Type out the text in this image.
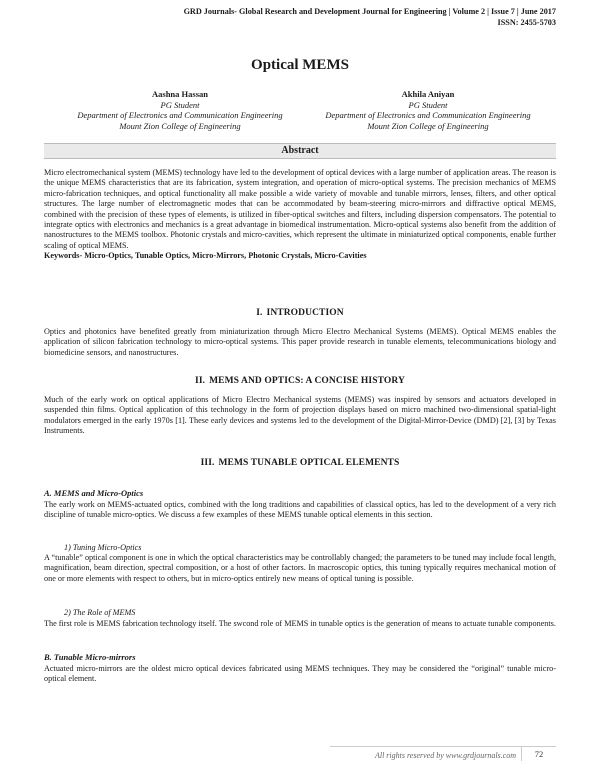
GRD Journals- Global Research and Development Journal for Engineering | Volume 2 | Issue 7 | June 2017
ISSN: 2455-5703
Optical MEMS
Aashna Hassan
PG Student
Department of Electronics and Communication Engineering
Mount Zion College of Engineering
Akhila Aniyan
PG Student
Department of Electronics and Communication Engineering
Mount Zion College of Engineering
Abstract

Micro electromechanical system (MEMS) technology have led to the development of optical devices with a large number of application areas. The reason is the unique MEMS characteristics that are its fabrication, system integration, and operation of micro-optical systems. The precision mechanics of MEMS micro-fabrication techniques, and optical functionality all make possible a wide variety of movable and tunable mirrors, lenses, filters, and other optical structures. The large number of electromagnetic modes that can be accommodated by beam-steering micro-mirrors and diffractive optical MEMS, combined with the precision of these types of elements, is utilized in fiber-optical switches and filters, including dispersion compensators. The potential to integrate optics with electronics and mechanics is a great advantage in biomedical instrumentation. Micro-optical systems also benefit from the addition of nanostructures to the MEMS toolbox. Photonic crystals and micro-cavities, which represent the ultimate in miniaturized optical components, enable further scaling of optical MEMS.

Keywords- Micro-Optics, Tunable Optics, Micro-Mirrors, Photonic Crystals, Micro-Cavities

I. INTRODUCTION
Optics and photonics have benefited greatly from miniaturization through Micro Electro Mechanical Systems (MEMS). Optical MEMS enables the application of silicon fabrication technology to micro-optical systems. This paper provide research in tunable elements, telecommunications biology and biomedicine sensors, and nanostructures.
II. MEMS AND OPTICS: A CONCISE HISTORY
Much of the early work on optical applications of Micro Electro Mechanical systems (MEMS) was inspired by sensors and actuators developed in suspended thin films. Optical application of this technology in the form of projection displays based on micro machined two-dimensional spatial-light modulators emerged in the early 1970s [1]. These early devices and systems led to the development of the Digital-Mirror-Device (DMD) [2], [3] by Texas Instruments.
III. MEMS TUNABLE OPTICAL ELEMENTS
A. MEMS and Micro-Optics
The early work on MEMS-actuated optics, combined with the long traditions and capabilities of classical optics, has led to the development of a very rich discipline of tunable micro-optics. We discuss a few examples of these MEMS tunable optical elements in this section.
1) Tuning Micro-Optics
A “tunable” optical component is one in which the optical characteristics may be controllably changed; the parameters to be tuned may include focal length, magnification, beam direction, spectral composition, or a host of other factors. In macroscopic optics, this tuning typically requires mechanical motion of one or more elements with respect to others, but in micro-optics entirely new means of optical tuning is possible.
2) The Role of MEMS
The first role is MEMS fabrication technology itself. The swcond role of MEMS in tunable optics is the generation of means to actuate tunable components.
B. Tunable Micro-mirrors
Actuated micro-mirrors are the oldest micro optical devices fabricated using MEMS techniques. They may be considered the “original” tunable micro-optical element.
All rights reserved by www.grdjournals.com	72
